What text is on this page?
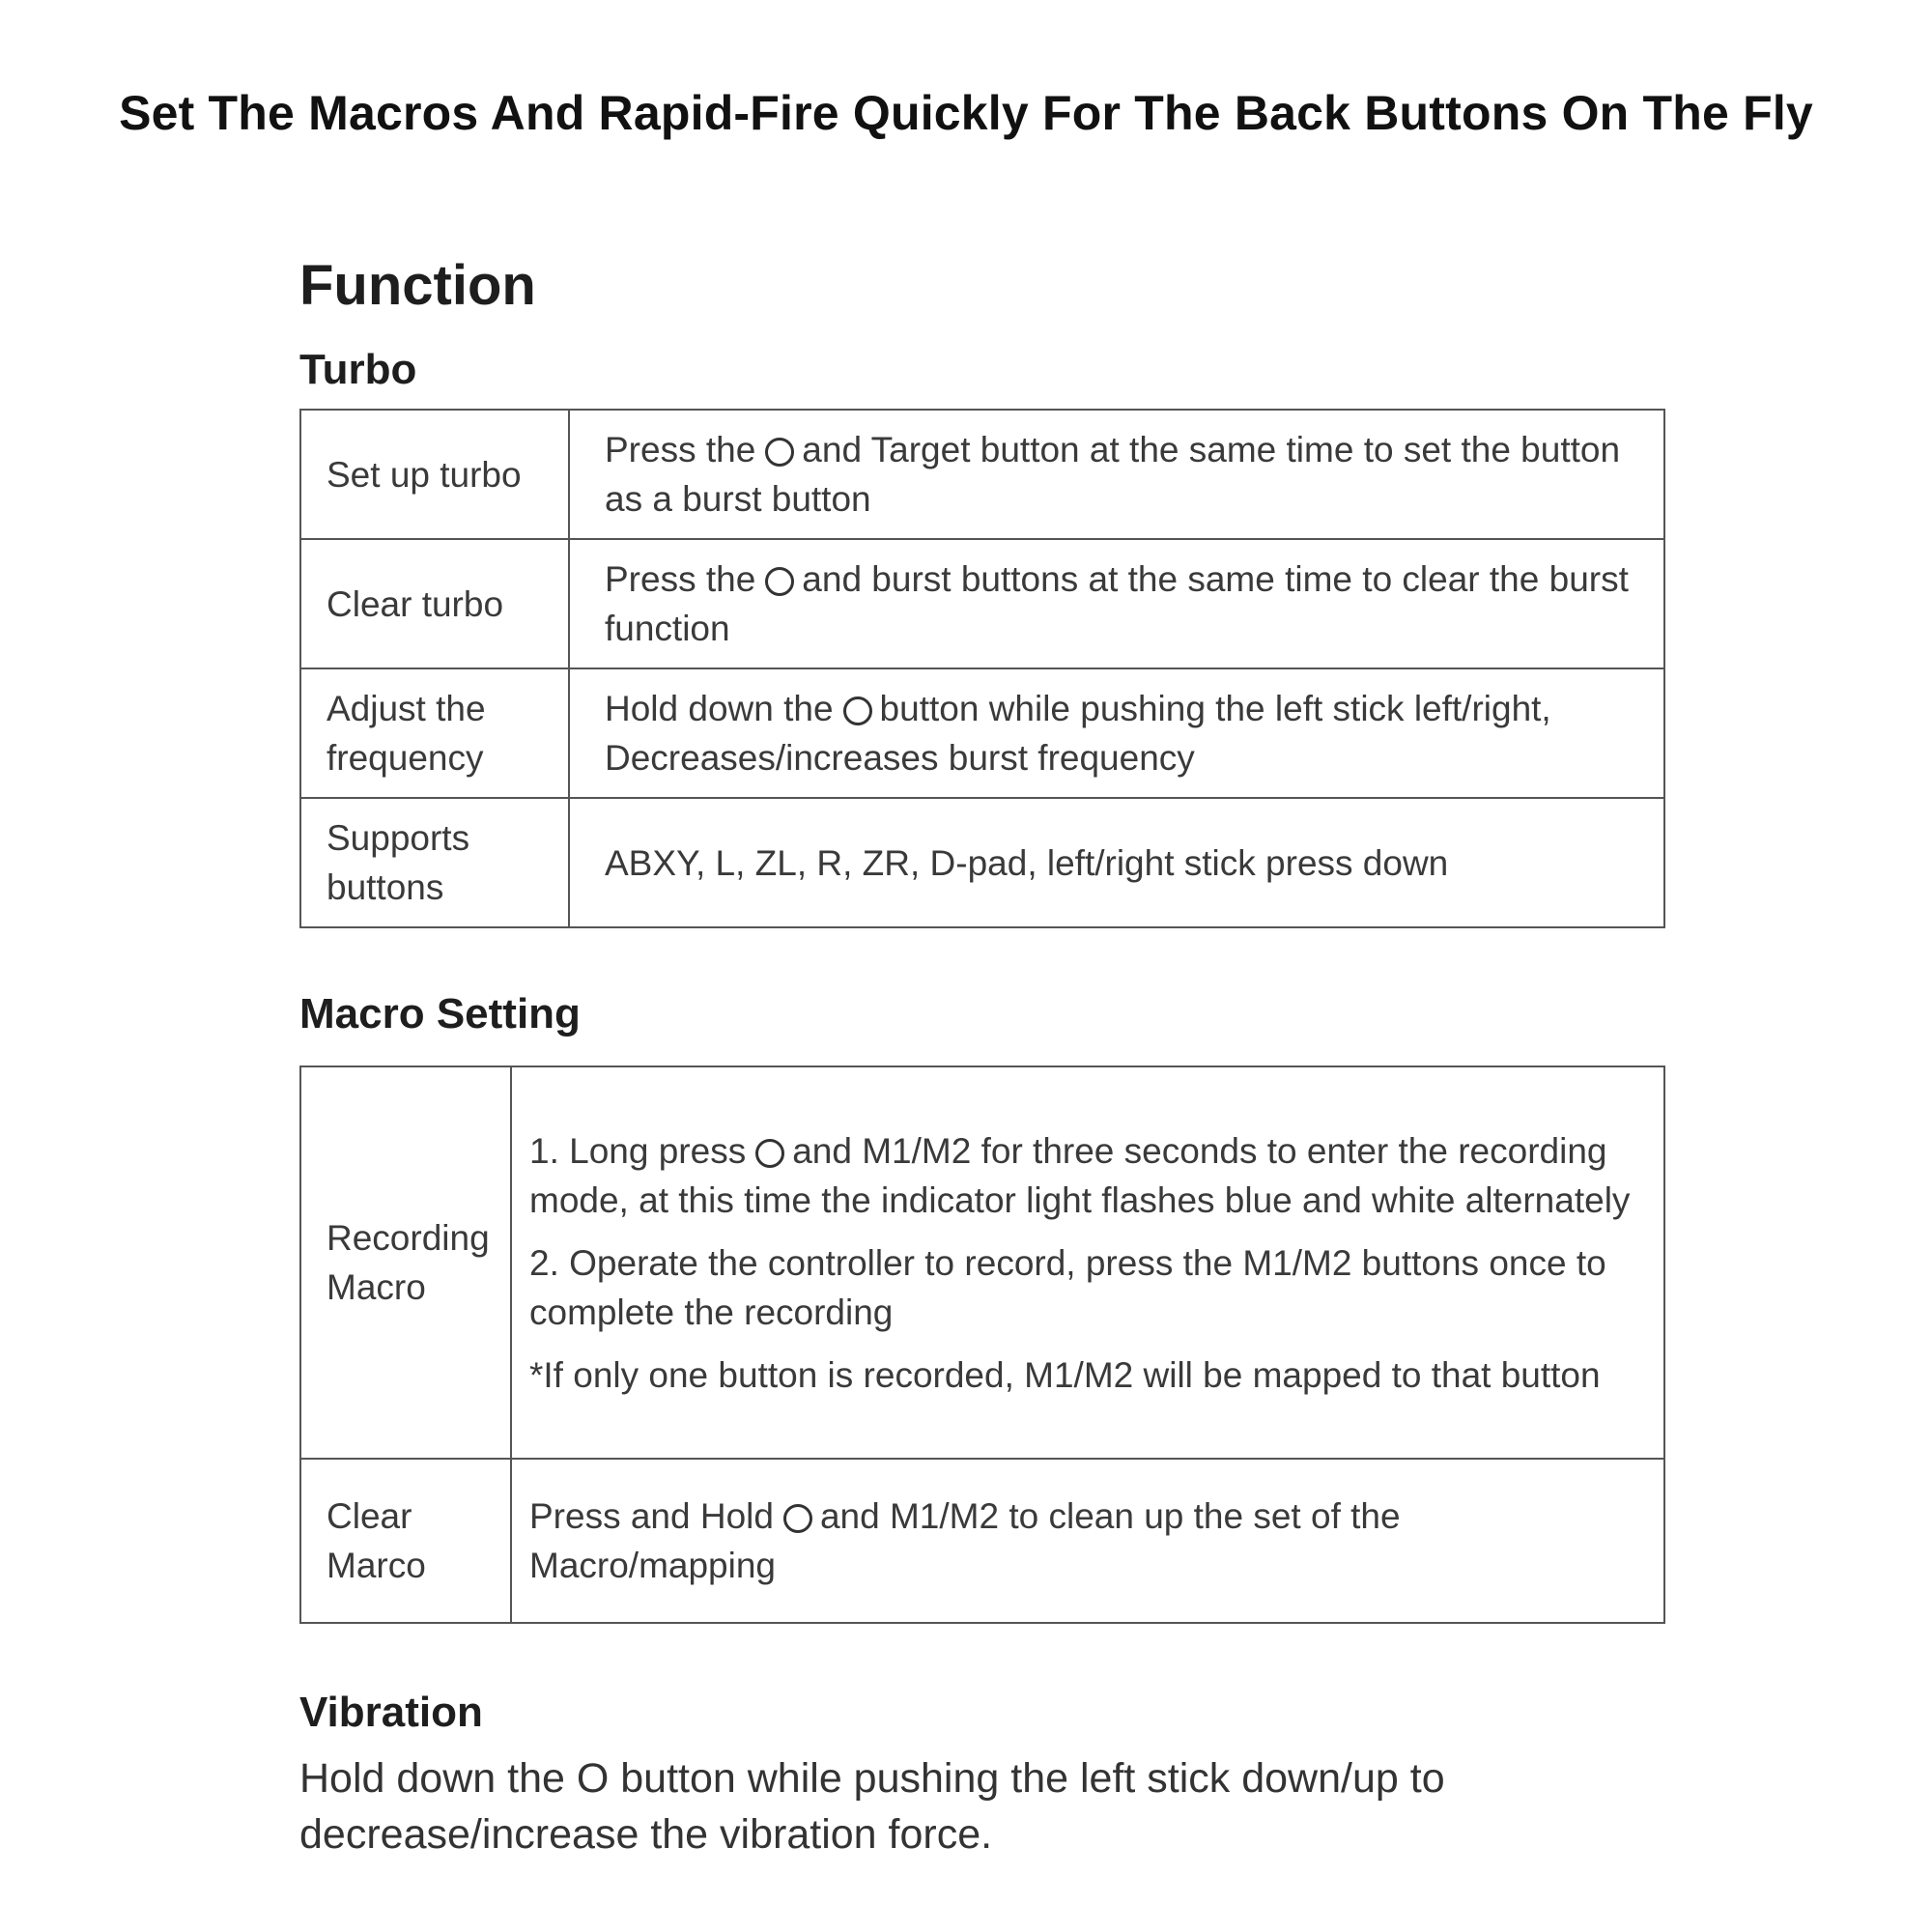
Set The Macros And Rapid-Fire Quickly For The Back Buttons On The Fly
Function
Turbo
Set up turbo	Press the and Target button at the same time to set the button as a burst button
Clear turbo	Press the and burst buttons at the same time to clear the burst function
Adjust the frequency	Hold down the button while pushing the left stick left/right, Decreases/increases burst frequency
Supports buttons	ABXY, L, ZL, R, ZR, D-pad, left/right stick press down
Macro Setting
Recording Macro	1. Long press and M1/M2 for three seconds to enter the recording mode, at this time the indicator light flashes blue and white alternately
2. Operate the controller to record, press the M1/M2 buttons once to complete the recording
*If only one button is recorded, M1/M2 will be mapped to that button

Clear Marco	Press and Hold and M1/M2 to clean up the set of the Macro/mapping
Vibration

Hold down the O button while pushing the left stick down/up to decrease/increase the vibration force.
